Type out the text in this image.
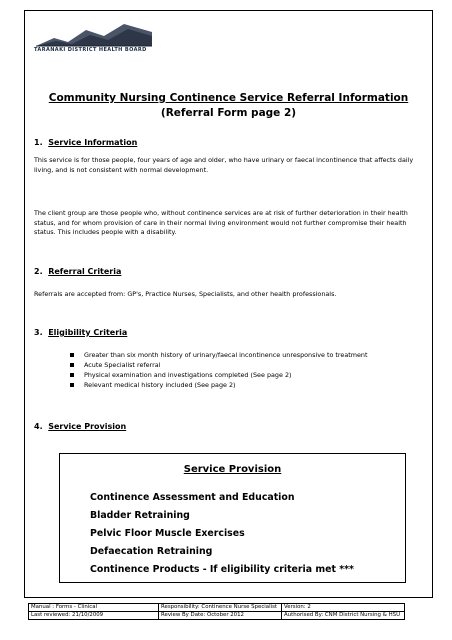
TARANAKI DISTRICT HEALTH BOARD
Community Nursing Continence Service Referral Information
(Referral Form page 2)
1. Service Information
This service is for those people, four years of age and older, who have urinary or faecal incontinence that affects daily living, and is not consistent with normal development.
The client group are those people who, without continence services are at risk of further deterioration in their health status, and for whom provision of care in their normal living environment would not further compromise their health status. This includes people with a disability.
2. Referral Criteria
Referrals are accepted from: GP's, Practice Nurses, Specialists, and other health professionals.
3. Eligibility Criteria
Greater than six month history of urinary/faecal incontinence unresponsive to treatment
Acute Specialist referral
Physical examination and investigations completed (See page 2)
Relevant medical history included (See page 2)
4. Service Provision
Service Provision
Continence Assessment and Education
Bladder Retraining
Pelvic Floor Muscle Exercises
Defaecation Retraining
Continence Products - If eligibility criteria met ***
Manual : Forms - Clinical	Responsibility: Continence Nurse Specialist	Version: 2
Last reviewed: 21/10/2009	Review By Date: October 2012	Authorised By: CNM District Nursing & HSU
